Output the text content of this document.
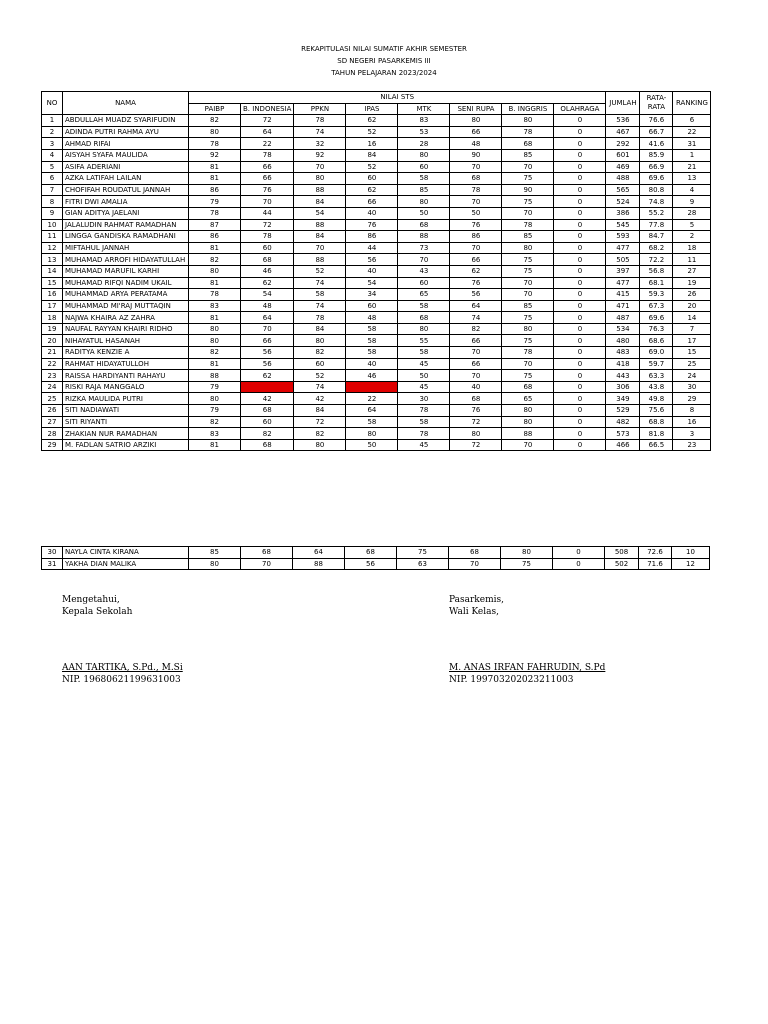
REKAPITULASI NILAI SUMATIF AKHIR SEMESTER
SD NEGERI PASARKEMIS III
TAHUN PELAJARAN 2023/2024
NO	NAMA	NILAI STS								JUMLAH	RATA-RATA	RANKING
		PAIBP	B. INDONESIA	PPKN	IPAS	MTK	SENI RUPA	B. INGGRIS	OLAHRAGA			
1	ABDULLAH MUADZ SYARIFUDIN	82	72	78	62	83	80	80	0	536	76.6	6
2	ADINDA PUTRI RAHMA AYU	80	64	74	52	53	66	78	0	467	66.7	22
3	AHMAD RIFAI	78	22	32	16	28	48	68	0	292	41.6	31
4	AISYAH SYAFA MAULIDA	92	78	92	84	80	90	85	0	601	85.9	1
5	ASIFA ADERIANI	81	66	70	52	60	70	70	0	469	66.9	21
6	AZKA LATIFAH LAILAN	81	66	80	60	58	68	75	0	488	69.6	13
7	CHOFIFAH ROUDATUL JANNAH	86	76	88	62	85	78	90	0	565	80.8	4
8	FITRI DWI AMALIA	79	70	84	66	80	70	75	0	524	74.8	9
9	GIAN ADITYA JAELANI	78	44	54	40	50	50	70	0	386	55.2	28
10	JALALUDIN RAHMAT RAMADHAN	87	72	88	76	68	76	78	0	545	77.8	5
11	LINGGA GANDISKA RAMADHANI	86	78	84	86	88	86	85	0	593	84.7	2
12	MIFTAHUL JANNAH	81	60	70	44	73	70	80	0	477	68.2	18
13	MUHAMAD ARROFI HIDAYATULLAH	82	68	88	56	70	66	75	0	505	72.2	11
14	MUHAMAD MARUFIL KARHI	80	46	52	40	43	62	75	0	397	56.8	27
15	MUHAMAD RIFQI NADIM UKAIL	81	62	74	54	60	76	70	0	477	68.1	19
16	MUHAMMAD ARYA PERATAMA	78	54	58	34	65	56	70	0	415	59.3	26
17	MUHAMMAD MI'RAJ MUTTAQIN	83	48	74	60	58	64	85	0	471	67.3	20
18	NAJWA KHAIRA AZ ZAHRA	81	64	78	48	68	74	75	0	487	69.6	14
19	NAUFAL RAYYAN KHAIRI RIDHO	80	70	84	58	80	82	80	0	534	76.3	7
20	NIHAYATUL HASANAH	80	66	80	58	55	66	75	0	480	68.6	17
21	RADITYA KENZIE A	82	56	82	58	58	70	78	0	483	69.0	15
22	RAHMAT HIDAYATULLOH	81	56	60	40	45	66	70	0	418	59.7	25
23	RAISSA HARDIYANTI RAHAYU	88	62	52	46	50	70	75	0	443	63.3	24
24	RISKI RAJA MANGGALO	79	0	74	0	45	40	68	0	306	43.8	30
25	RIZKA MAULIDA PUTRI	80	42	42	22	30	68	65	0	349	49.8	29
26	SITI NADIAWATI	79	68	84	64	78	76	80	0	529	75.6	8
27	SITI RIYANTI	82	60	72	58	58	72	80	0	482	68.8	16
28	ZHAKIAN NUR RAMADHAN	83	82	82	80	78	80	88	0	573	81.8	3
29	M. FADLAN SATRIO ARZIKI	81	68	80	50	45	72	70	0	466	66.5	23
30	NAYLA CINTA KIRANA	85	68	64	68	75	68	80	0	508	72.6	10
31	YAKHA DIAN MALIKA	80	70	88	56	63	70	75	0	502	71.6	12
Mengetahui,
Kepala Sekolah
AAN TARTIKA, S.Pd., M.Si
NIP. 19680621199631003
Pasarkemis,
Wali Kelas,
M. ANAS IRFAN FAHRUDIN, S.Pd
NIP. 199703202023211003
